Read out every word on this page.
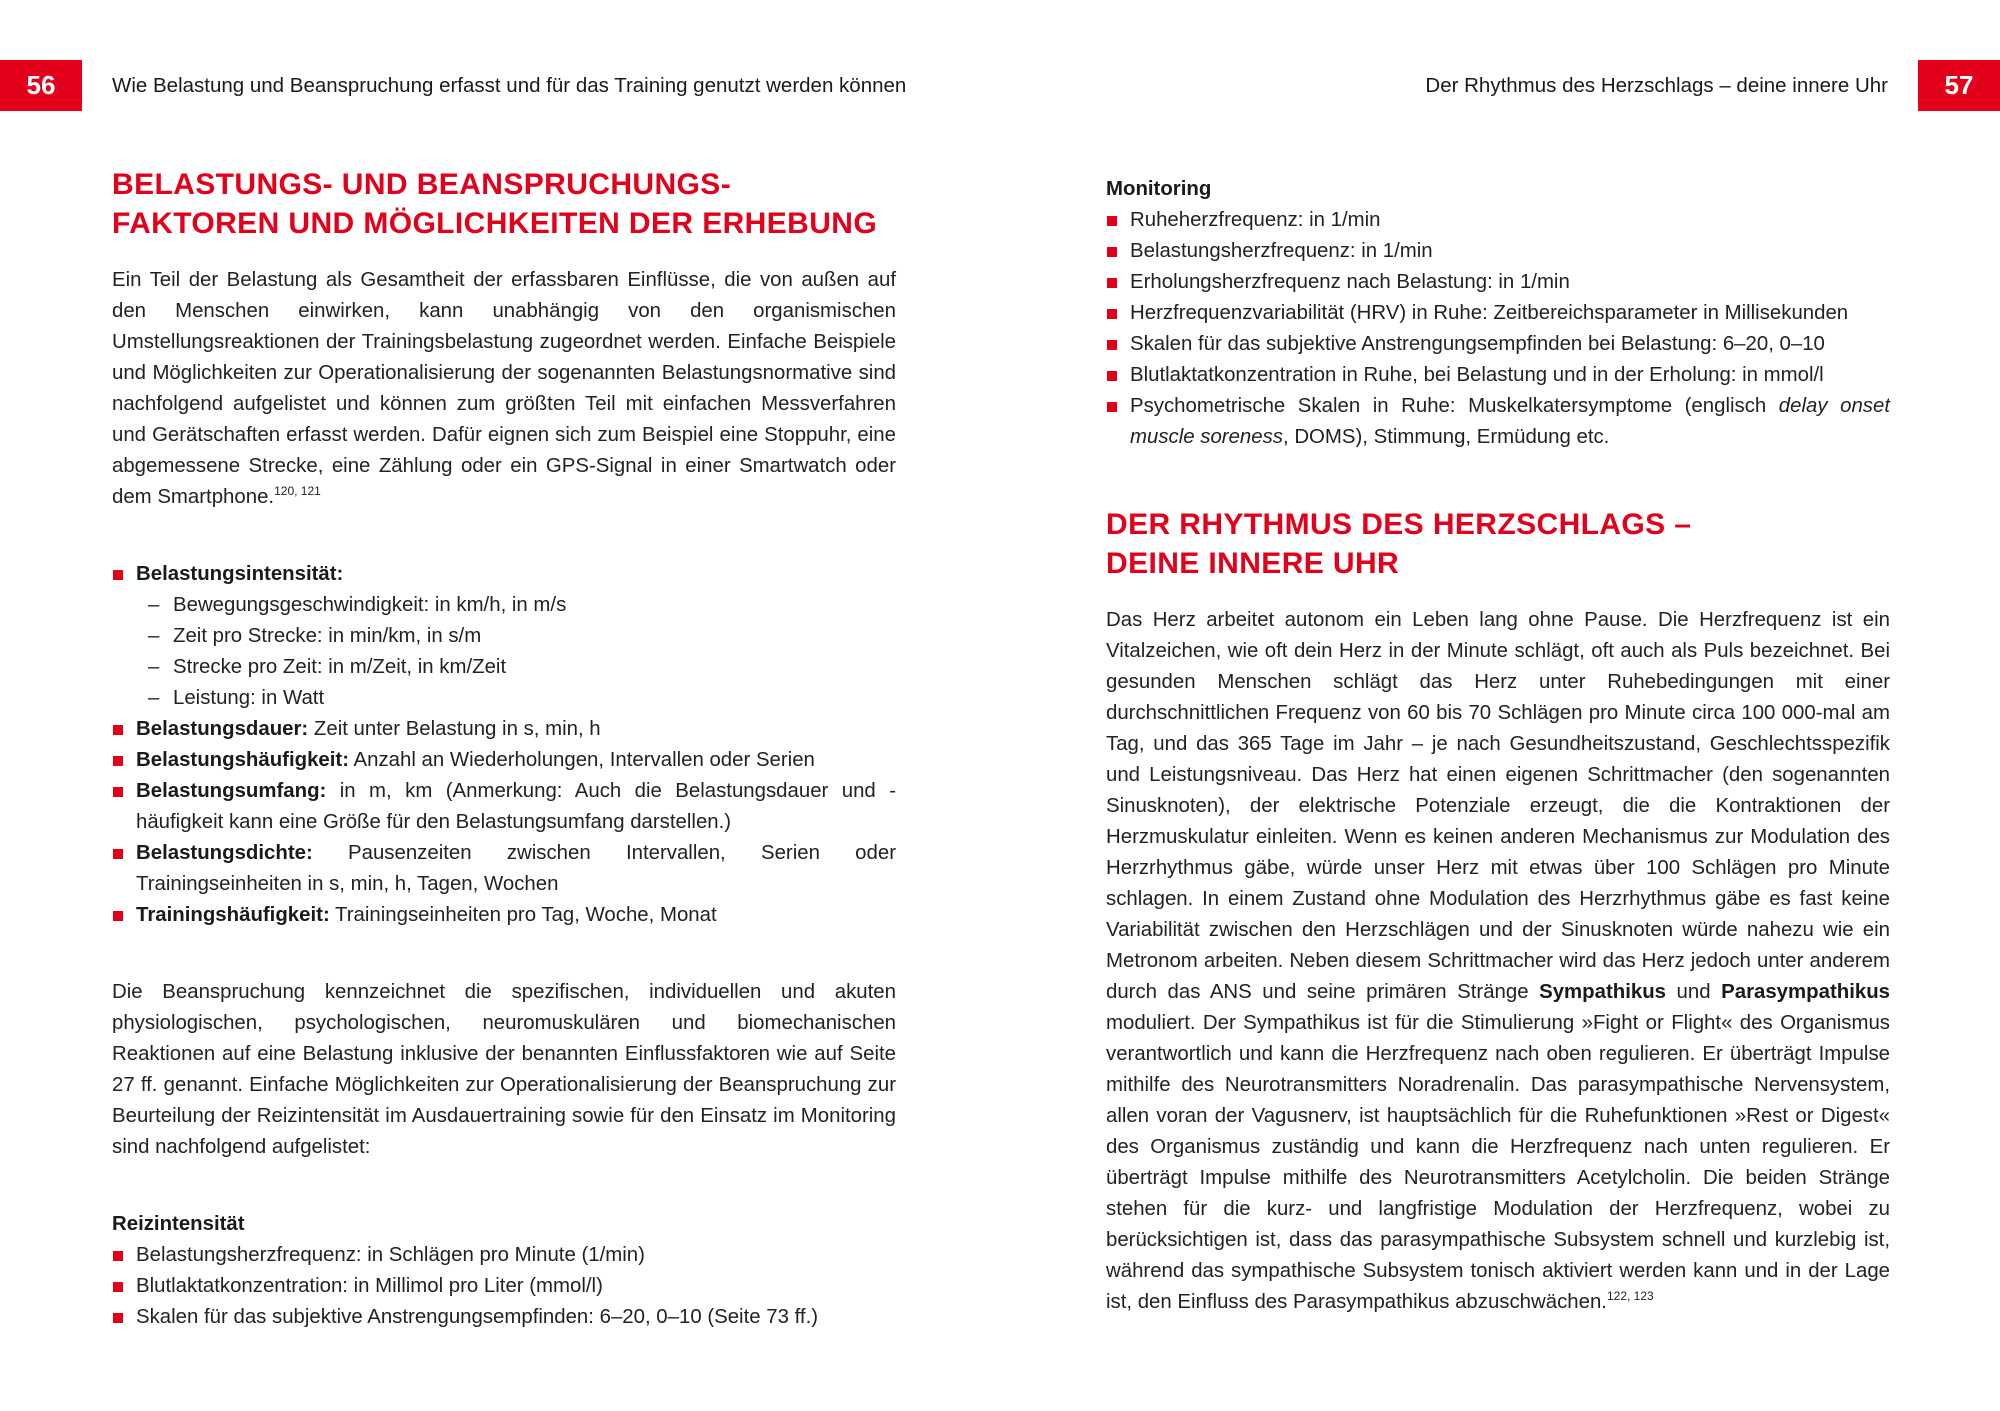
56	Wie Belastung und Beanspruchung erfasst und für das Training genutzt werden können	Der Rhythmus des Herzschlags – deine innere Uhr	57
BELASTUNGS- UND BEANSPRUCHUNGS-
FAKTOREN UND MÖGLICHKEITEN DER ERHEBUNG

Ein Teil der Belastung als Gesamtheit der erfassbaren Einflüsse, die von außen auf den Menschen einwirken, kann unabhängig von den organismischen Umstellungsreaktionen der Trainingsbelastung zugeordnet werden. Einfache Beispiele und Möglichkeiten zur Operationalisierung der sogenannten Belastungsnormative sind nachfolgend aufgelistet und können zum größten Teil mit einfachen Messverfahren und Gerätschaften erfasst werden. Dafür eignen sich zum Beispiel eine Stoppuhr, eine abgemessene Strecke, eine Zählung oder ein GPS-Signal in einer Smartwatch oder dem Smartphone.$^{120, 121}$

Belastungsintensität:
– Bewegungsgeschwindigkeit: in km/h, in m/s
– Zeit pro Strecke: in min/km, in s/m
– Strecke pro Zeit: in m/Zeit, in km/Zeit
– Leistung: in Watt
Belastungsdauer: Zeit unter Belastung in s, min, h
Belastungshäufigkeit: Anzahl an Wiederholungen, Intervallen oder Serien
Belastungsumfang: in m, km (Anmerkung: Auch die Belastungsdauer und -häufigkeit kann eine Größe für den Belastungsumfang darstellen.)
Belastungsdichte: Pausenzeiten zwischen Intervallen, Serien oder Trainingseinheiten in s, min, h, Tagen, Wochen
Trainingshäufigkeit: Trainingseinheiten pro Tag, Woche, Monat

Die Beanspruchung kennzeichnet die spezifischen, individuellen und akuten physiologischen, psychologischen, neuromuskulären und biomechanischen Reaktionen auf eine Belastung inklusive der benannten Einflussfaktoren wie auf Seite 27 ff. genannt. Einfache Möglichkeiten zur Operationalisierung der Beanspruchung zur Beurteilung der Reizintensität im Ausdauertraining sowie für den Einsatz im Monitoring sind nachfolgend aufgelistet:

Reizintensität

Belastungsherzfrequenz: in Schlägen pro Minute (1/min)
Blutlaktatkonzentration: in Millimol pro Liter (mmol/l)
Skalen für das subjektive Anstrengungsempfinden: 6–20, 0–10 (Seite 73 ff.)

Monitoring

Ruheherzfrequenz: in 1/min
Belastungsherzfrequenz: in 1/min
Erholungsherzfrequenz nach Belastung: in 1/min
Herzfrequenzvariabilität (HRV) in Ruhe: Zeitbereichsparameter in Millisekunden
Skalen für das subjektive Anstrengungsempfinden bei Belastung: 6–20, 0–10
Blutlaktatkonzentration in Ruhe, bei Belastung und in der Erholung: in mmol/l
Psychometrische Skalen in Ruhe: Muskelkatersymptome (englisch delay onset muscle soreness, DOMS), Stimmung, Ermüdung etc.
DER RHYTHMUS DES HERZSCHLAGS –
DEINE INNERE UHR

Das Herz arbeitet autonom ein Leben lang ohne Pause. Die Herzfrequenz ist ein Vitalzeichen, wie oft dein Herz in der Minute schlägt, oft auch als Puls bezeichnet. Bei gesunden Menschen schlägt das Herz unter Ruhebedingungen mit einer durchschnittlichen Frequenz von 60 bis 70 Schlägen pro Minute circa 100 000-mal am Tag, und das 365 Tage im Jahr – je nach Gesundheitszustand, Geschlechtsspezifik und Leistungsniveau. Das Herz hat einen eigenen Schrittmacher (den sogenannten Sinusknoten), der elektrische Potenziale erzeugt, die die Kontraktionen der Herzmuskulatur einleiten. Wenn es keinen anderen Mechanismus zur Modulation des Herzrhythmus gäbe, würde unser Herz mit etwas über 100 Schlägen pro Minute schlagen. In einem Zustand ohne Modulation des Herzrhythmus gäbe es fast keine Variabilität zwischen den Herzschlägen und der Sinusknoten würde nahezu wie ein Metronom arbeiten. Neben diesem Schrittmacher wird das Herz jedoch unter anderem durch das ANS und seine primären Stränge Sympathikus und Parasympathikus moduliert. Der Sympathikus ist für die Stimulierung »Fight or Flight« des Organismus verantwortlich und kann die Herzfrequenz nach oben regulieren. Er überträgt Impulse mithilfe des Neurotransmitters Noradrenalin. Das parasympathische Nervensystem, allen voran der Vagusnerv, ist hauptsächlich für die Ruhefunktionen »Rest or Digest« des Organismus zuständig und kann die Herzfrequenz nach unten regulieren. Er überträgt Impulse mithilfe des Neurotransmitters Acetylcholin. Die beiden Stränge stehen für die kurz- und langfristige Modulation der Herzfrequenz, wobei zu berücksichtigen ist, dass das parasympathische Subsystem schnell und kurzlebig ist, während das sympathische Subsystem tonisch aktiviert werden kann und in der Lage ist, den Einfluss des Parasympathikus abzuschwächen.$^{122, 123}$
